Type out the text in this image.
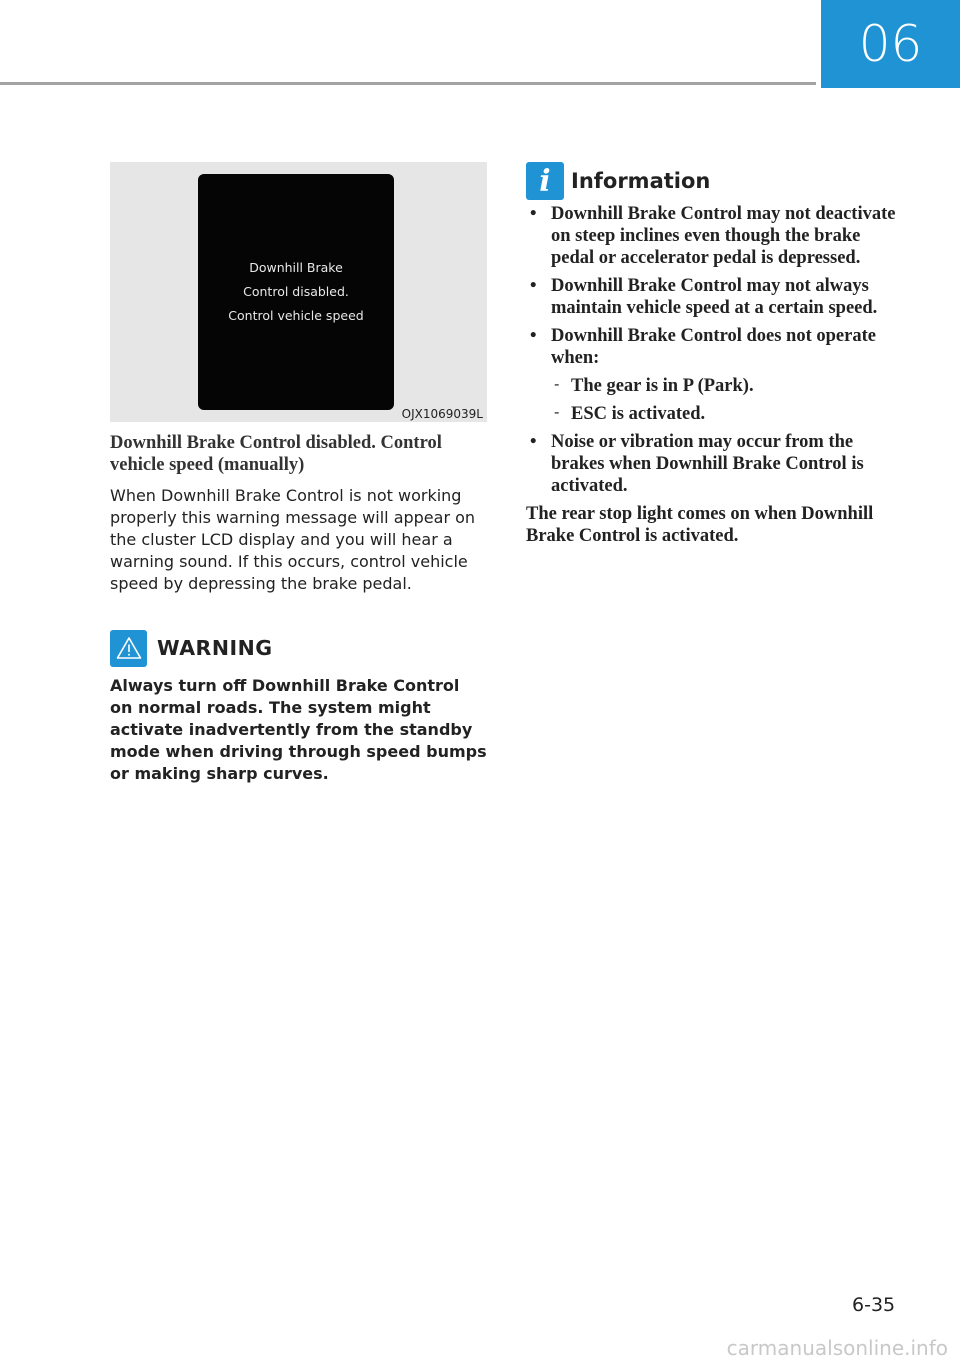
06
Downhill Brake
Control disabled.
Control vehicle speed
OJX1069039L
Downhill Brake Control disabled. Control vehicle speed (manually)
When Downhill Brake Control is not working properly this warning message will appear on the cluster LCD display and you will hear a warning sound. If this occurs, control vehicle speed by depressing the brake pedal.
WARNING
Always turn off Downhill Brake Control on normal roads. The system might activate inadvertently from the standby mode when driving through speed bumps or making sharp curves.
i Information
• Downhill Brake Control may not deactivate on steep inclines even though the brake pedal or accelerator pedal is depressed.
• Downhill Brake Control may not always maintain vehicle speed at a certain speed.
• Downhill Brake Control does not operate when:
- The gear is in P (Park).
- ESC is activated.
• Noise or vibration may occur from the brakes when Downhill Brake Control is activated.
The rear stop light comes on when Downhill Brake Control is activated.
6-35
carmanualsonline.info
